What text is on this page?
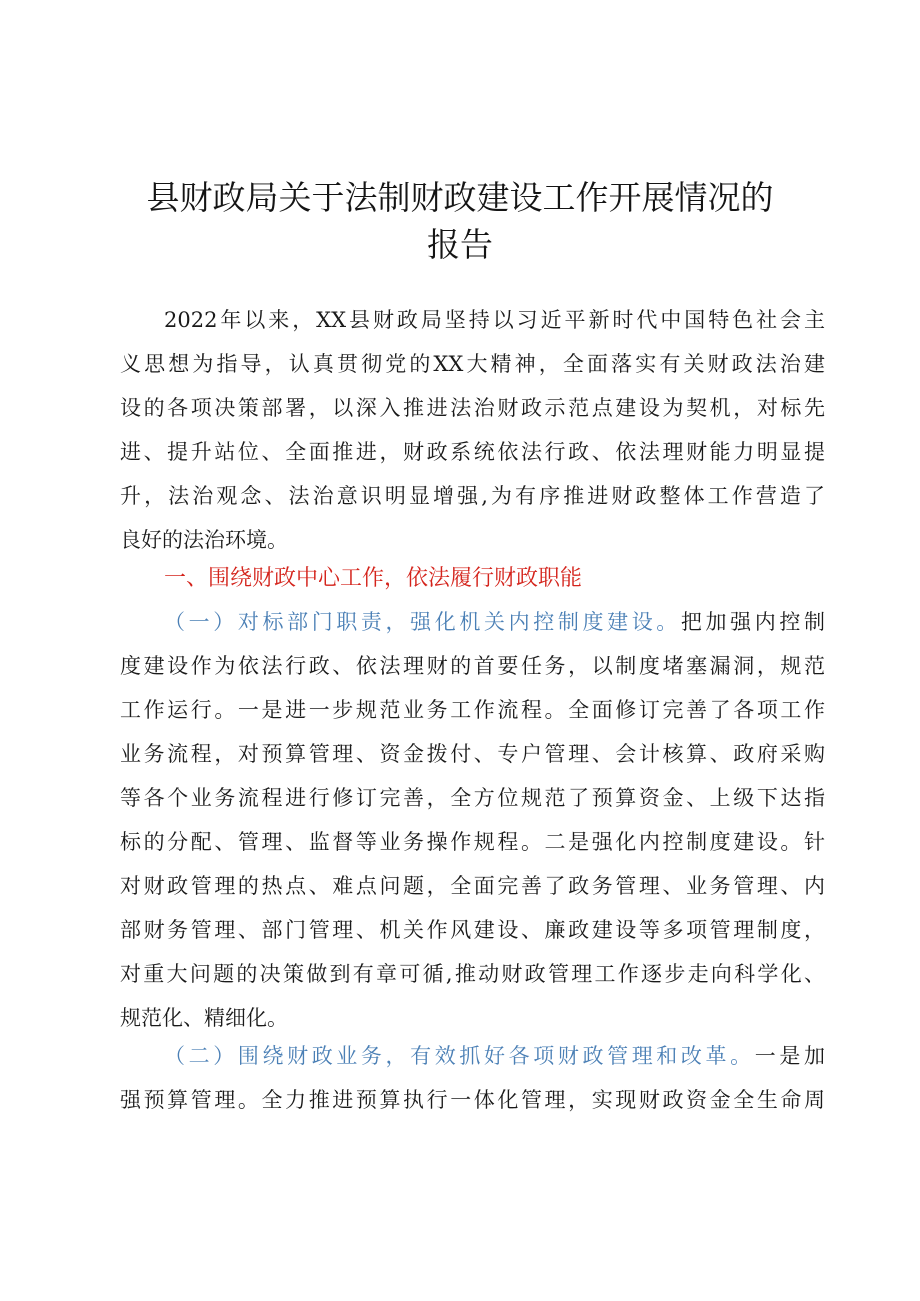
县财政局关于法制财政建设工作开展情况的
报告
2022年以来，XX县财政局坚持以习近平新时代中国特色社会主
义思想为指导，认真贯彻党的XX大精神，全面落实有关财政法治建
设的各项决策部署，以深入推进法治财政示范点建设为契机，对标先
进、提升站位、全面推进，财政系统依法行政、依法理财能力明显提
升，法治观念、法治意识明显增强,为有序推进财政整体工作营造了
良好的法治环境。
一、围绕财政中心工作，依法履行财政职能
（一）对标部门职责，强化机关内控制度建设。把加强内控制
度建设作为依法行政、依法理财的首要任务，以制度堵塞漏洞，规范
工作运行。一是进一步规范业务工作流程。全面修订完善了各项工作
业务流程，对预算管理、资金拨付、专户管理、会计核算、政府采购
等各个业务流程进行修订完善，全方位规范了预算资金、上级下达指
标的分配、管理、监督等业务操作规程。二是强化内控制度建设。针
对财政管理的热点、难点问题，全面完善了政务管理、业务管理、内
部财务管理、部门管理、机关作风建设、廉政建设等多项管理制度，
对重大问题的决策做到有章可循,推动财政管理工作逐步走向科学化、
规范化、精细化。
（二）围绕财政业务，有效抓好各项财政管理和改革。一是加
强预算管理。全力推进预算执行一体化管理，实现财政资金全生命周
